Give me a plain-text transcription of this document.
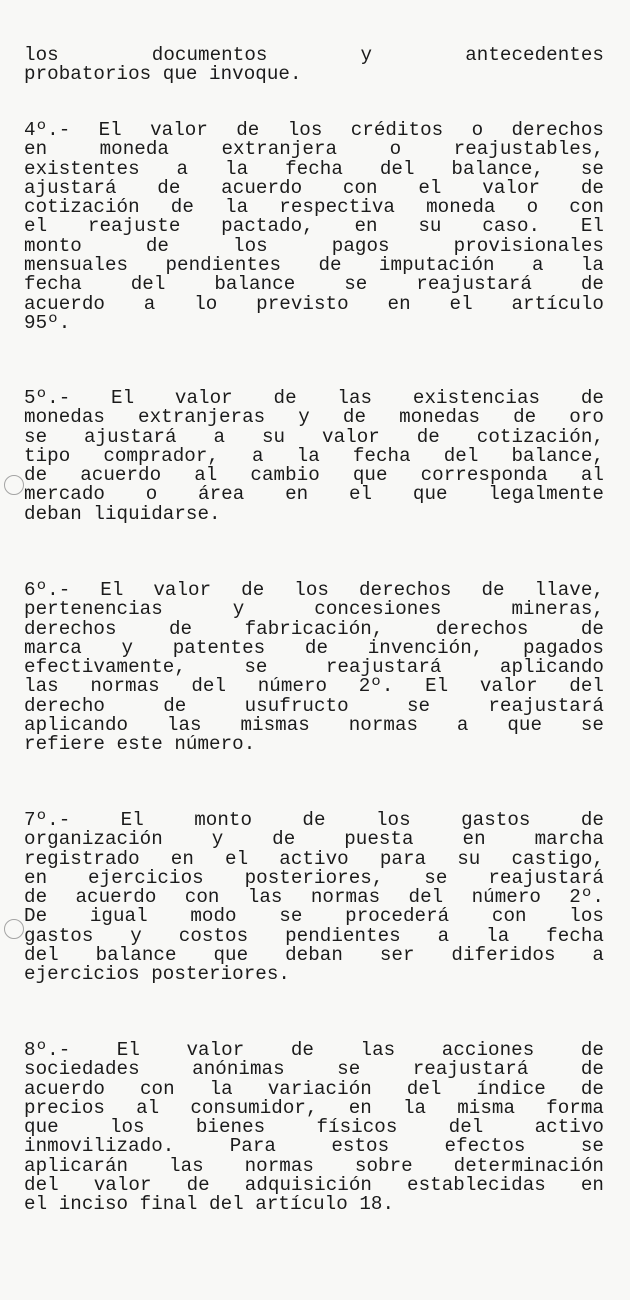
los documentos y antecedentes
probatorios que invoque.
4º.- El valor de los créditos o derechos
en moneda extranjera o reajustables,
existentes a la fecha del balance, se
ajustará de acuerdo con el valor de
cotización de la respectiva moneda o con
el reajuste pactado, en su caso. El
monto de los pagos provisionales
mensuales pendientes de imputación a la
fecha del balance se reajustará de
acuerdo a lo previsto en el artículo
95º.
5º.- El valor de las existencias de
monedas extranjeras y de monedas de oro
se ajustará a su valor de cotización,
tipo comprador, a la fecha del balance,
de acuerdo al cambio que corresponda al
mercado o área en el que legalmente
deban liquidarse.
6º.- El valor de los derechos de llave,
pertenencias y concesiones mineras,
derechos de fabricación, derechos de
marca y patentes de invención, pagados
efectivamente, se reajustará aplicando
las normas del número 2º. El valor del
derecho de usufructo se reajustará
aplicando las mismas normas a que se
refiere este número.
7º.- El monto de los gastos de
organización y de puesta en marcha
registrado en el activo para su castigo,
en ejercicios posteriores, se reajustará
de acuerdo con las normas del número 2º.
De igual modo se procederá con los
gastos y costos pendientes a la fecha
del balance que deban ser diferidos a
ejercicios posteriores.
8º.- El valor de las acciones de
sociedades anónimas se reajustará de
acuerdo con la variación del índice de
precios al consumidor, en la misma forma
que los bienes físicos del activo
inmovilizado. Para estos efectos se
aplicarán las normas sobre determinación
del valor de adquisición establecidas en
el inciso final del artículo 18.
